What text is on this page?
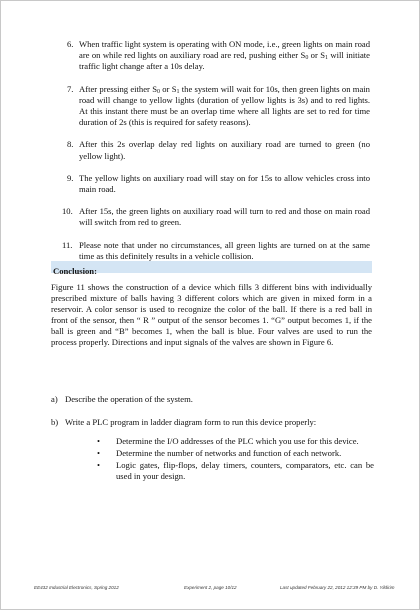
6. When traffic light system is operating with ON mode, i.e., green lights on main road are on while red lights on auxiliary road are red, pushing either $S_0$ or $S_1$ will initiate traffic light change after a 10s delay.
7. After pressing either $S_0$ or $S_1$ the system will wait for 10s, then green lights on main road will change to yellow lights (duration of yellow lights is 3s) and to red lights. At this instant there must be an overlap time where all lights are set to red for time duration of 2s (this is required for safety reasons).
8. After this 2s overlap delay red lights on auxiliary road are turned to green (no yellow light).
9. The yellow lights on auxiliary road will stay on for 15s to allow vehicles cross into main road.
10. After 15s, the green lights on auxiliary road will turn to red and those on main road will switch from red to green.
11. Please note that under no circumstances, all green lights are turned on at the same time as this definitely results in a vehicle collision.
Conclusion:
Figure 11 shows the construction of a device which fills 3 different bins with individually prescribed mixture of balls having 3 different colors which are given in mixed form in a reservoir. A color sensor is used to recognize the color of the ball. If there is a red ball in front of the sensor, then “ R ” output of the sensor becomes 1. “G” output becomes 1, if the ball is green and “B” becomes 1, when the ball is blue. Four valves are used to run the process properly. Directions and input signals of the valves are shown in Figure 6.
a) Describe the operation of the system.
b) Write a PLC program in ladder diagram form to run this device properly:
• Determine the I/O addresses of the PLC which you use for this device.
• Determine the number of networks and function of each network.
• Logic gates, flip-flops, delay timers, counters, comparators, etc. can be used in your design.
EE432 Industrial Electronics, Spring 2012	Experiment 2, page 10/12	Last updated February 22, 2012 12:39 PM by D. Yildirim
